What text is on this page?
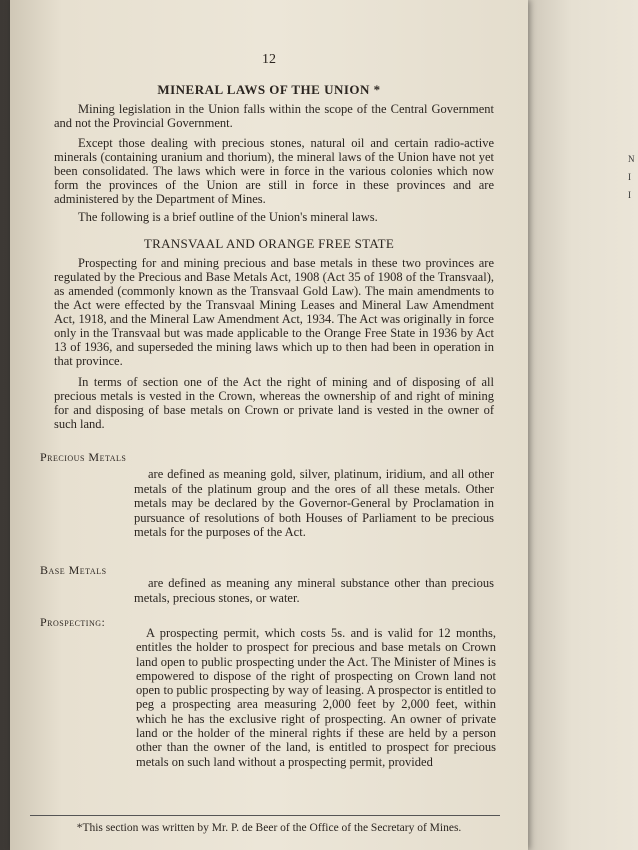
N
I
I
12
MINERAL LAWS OF THE UNION *

Mining legislation in the Union falls within the scope of the Central Government and not the Provincial Government.

Except those dealing with precious stones, natural oil and certain radio-active minerals (containing uranium and thorium), the mineral laws of the Union have not yet been consolidated. The laws which were in force in the various colonies which now form the provinces of the Union are still in force in these provinces and are administered by the Department of Mines.

The following is a brief outline of the Union's mineral laws.

TRANSVAAL AND ORANGE FREE STATE

Prospecting for and mining precious and base metals in these two provinces are regulated by the Precious and Base Metals Act, 1908 (Act 35 of 1908 of the Transvaal), as amended (commonly known as the Transvaal Gold Law). The main amendments to the Act were effected by the Transvaal Mining Leases and Mineral Law Amendment Act, 1918, and the Mineral Law Amendment Act, 1934. The Act was originally in force only in the Transvaal but was made applicable to the Orange Free State in 1936 by Act 13 of 1936, and superseded the mining laws which up to then had been in operation in that province.

In terms of section one of the Act the right of mining and of disposing of all precious metals is vested in the Crown, whereas the ownership of and right of mining for and disposing of base metals on Crown or private land is vested in the owner of such land.

Precious Metals
are defined as meaning gold, silver, platinum, iridium, and all other metals of the platinum group and the ores of all these metals. Other metals may be declared by the Governor-General by Proclamation in pursuance of resolutions of both Houses of Parliament to be precious metals for the purposes of the Act.
Base Metals
are defined as meaning any mineral substance other than precious metals, precious stones, or water.
Prospecting:
A prospecting permit, which costs 5s. and is valid for 12 months, entitles the holder to prospect for precious and base metals on Crown land open to public prospecting under the Act. The Minister of Mines is empowered to dispose of the right of prospecting on Crown land not open to public prospecting by way of leasing. A prospector is entitled to peg a prospecting area measuring 2,000 feet by 2,000 feet, within which he has the exclusive right of prospecting. An owner of private land or the holder of the mineral rights if these are held by a person other than the owner of the land, is entitled to prospect for precious metals on such land without a prospecting permit, provided
*This section was written by Mr. P. de Beer of the Office of the Secretary of Mines.
